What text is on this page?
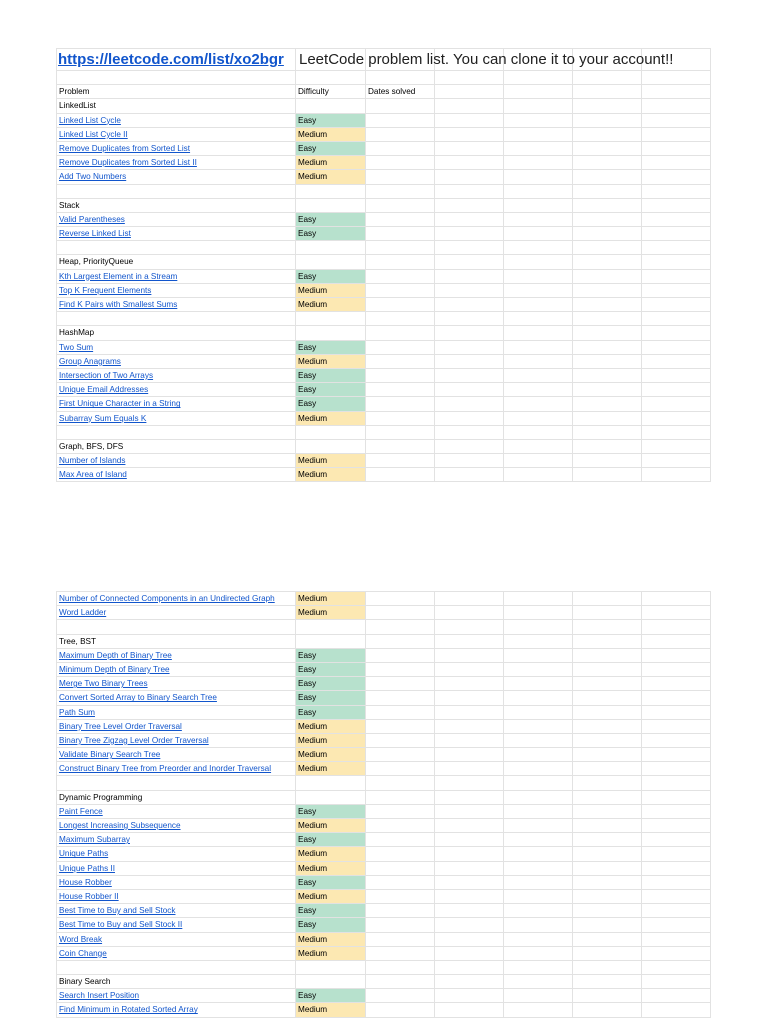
https://leetcode.com/list/xo2bgr	LeetCode problem list. You can clone it to your account!!
Problem	Difficulty	Dates solved
LinkedList
Linked List Cycle	Easy
Linked List Cycle II	Medium
Remove Duplicates from Sorted List	Easy
Remove Duplicates from Sorted List II	Medium
Add Two Numbers	Medium
Stack
Valid Parentheses	Easy
Reverse Linked List	Easy
Heap, PriorityQueue
Kth Largest Element in a Stream	Easy
Top K Frequent Elements	Medium
Find K Pairs with Smallest Sums	Medium
HashMap
Two Sum	Easy
Group Anagrams	Medium
Intersection of Two Arrays	Easy
Unique Email Addresses	Easy
First Unique Character in a String	Easy
Subarray Sum Equals K	Medium
Graph, BFS, DFS
Number of Islands	Medium
Max Area of Island	Medium
Number of Connected Components in an Undirected Graph	Medium
Word Ladder	Medium
Tree, BST
Maximum Depth of Binary Tree	Easy
Minimum Depth of Binary Tree	Easy
Merge Two Binary Trees	Easy
Convert Sorted Array to Binary Search Tree	Easy
Path Sum	Easy
Binary Tree Level Order Traversal	Medium
Binary Tree Zigzag Level Order Traversal	Medium
Validate Binary Search Tree	Medium
Construct Binary Tree from Preorder and Inorder Traversal	Medium
Dynamic Programming
Paint Fence	Easy
Longest Increasing Subsequence	Medium
Maximum Subarray	Easy
Unique Paths	Medium
Unique Paths II	Medium
House Robber	Easy
House Robber II	Medium
Best Time to Buy and Sell Stock	Easy
Best Time to Buy and Sell Stock II	Easy
Word Break	Medium
Coin Change	Medium
Binary Search
Search Insert Position	Easy
Find Minimum in Rotated Sorted Array	Medium
